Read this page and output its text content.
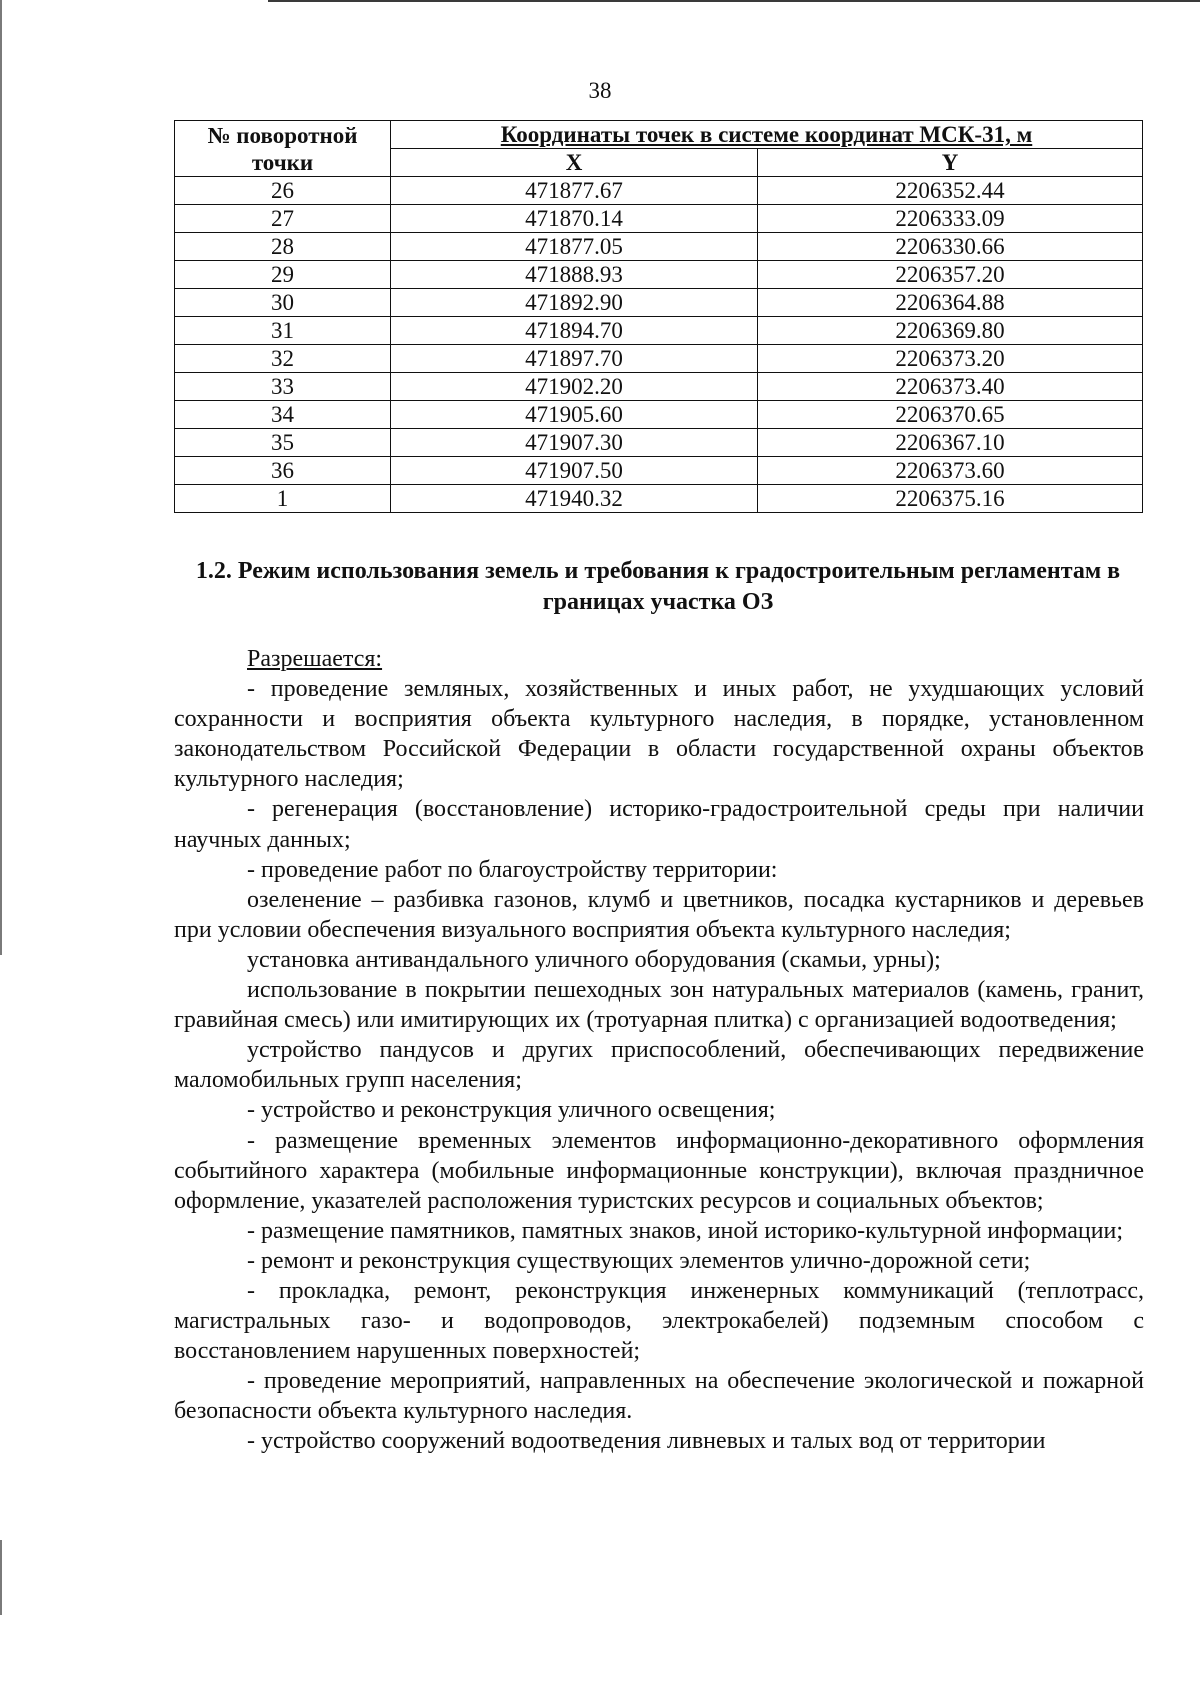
38
№ поворотной точки	Координаты точек в системе координат МСК-31, м	
	X	Y
26	471877.67	2206352.44
27	471870.14	2206333.09
28	471877.05	2206330.66
29	471888.93	2206357.20
30	471892.90	2206364.88
31	471894.70	2206369.80
32	471897.70	2206373.20
33	471902.20	2206373.40
34	471905.60	2206370.65
35	471907.30	2206367.10
36	471907.50	2206373.60
1	471940.32	2206375.16
1.2. Режим использования земель и требования к градостроительным регламентам в границах участка ОЗ

Разрешается:

- проведение земляных, хозяйственных и иных работ, не ухудшающих условий сохранности и восприятия объекта культурного наследия, в порядке, установленном законодательством Российской Федерации в области государственной охраны объектов культурного наследия;

- регенерация (восстановление) историко-градостроительной среды при наличии научных данных;

- проведение работ по благоустройству территории:

озеленение – разбивка газонов, клумб и цветников, посадка кустарников и деревьев при условии обеспечения визуального восприятия объекта культурного наследия;

установка антивандального уличного оборудования (скамьи, урны);

использование в покрытии пешеходных зон натуральных материалов (камень, гранит, гравийная смесь) или имитирующих их (тротуарная плитка) с организацией водоотведения;

устройство пандусов и других приспособлений, обеспечивающих передвижение маломобильных групп населения;

- устройство и реконструкция уличного освещения;

- размещение временных элементов информационно-декоративного оформления событийного характера (мобильные информационные конструкции), включая праздничное оформление, указателей расположения туристских ресурсов и социальных объектов;

- размещение памятников, памятных знаков, иной историко-культурной информации;

- ремонт и реконструкция существующих элементов улично-дорожной сети;

- прокладка, ремонт, реконструкция инженерных коммуникаций (теплотрасс, магистральных газо- и водопроводов, электрокабелей) подземным способом с восстановлением нарушенных поверхностей;

- проведение мероприятий, направленных на обеспечение экологической и пожарной безопасности объекта культурного наследия.

- устройство сооружений водоотведения ливневых и талых вод от территории
